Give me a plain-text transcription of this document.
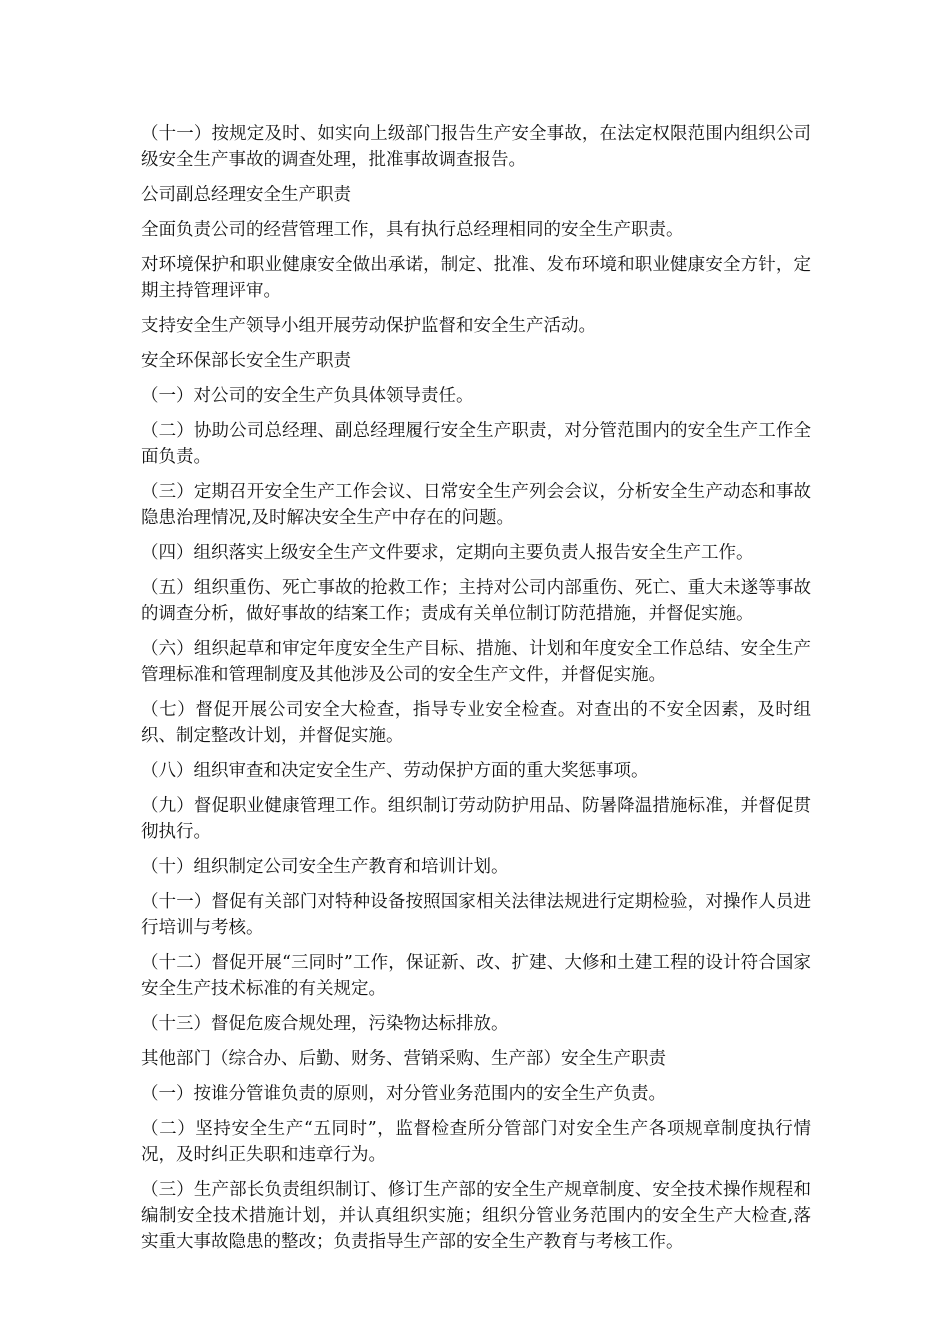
（十一）按规定及时、如实向上级部门报告生产安全事故，在法定权限范围内组织公司级安全生产事故的调查处理，批准事故调查报告。

公司副总经理安全生产职责

全面负责公司的经营管理工作，具有执行总经理相同的安全生产职责。

对环境保护和职业健康安全做出承诺，制定、批准、发布环境和职业健康安全方针，定期主持管理评审。

支持安全生产领导小组开展劳动保护监督和安全生产活动。

安全环保部长安全生产职责

（一）对公司的安全生产负具体领导责任。

（二）协助公司总经理、副总经理履行安全生产职责，对分管范围内的安全生产工作全面负责。

（三）定期召开安全生产工作会议、日常安全生产列会会议，分析安全生产动态和事故隐患治理情况,及时解决安全生产中存在的问题。

（四）组织落实上级安全生产文件要求，定期向主要负责人报告安全生产工作。

（五）组织重伤、死亡事故的抢救工作；主持对公司内部重伤、死亡、重大未遂等事故的调查分析，做好事故的结案工作；责成有关单位制订防范措施，并督促实施。

（六）组织起草和审定年度安全生产目标、措施、计划和年度安全工作总结、安全生产管理标准和管理制度及其他涉及公司的安全生产文件，并督促实施。

（七）督促开展公司安全大检查，指导专业安全检查。对查出的不安全因素，及时组织、制定整改计划，并督促实施。

（八）组织审查和决定安全生产、劳动保护方面的重大奖惩事项。

（九）督促职业健康管理工作。组织制订劳动防护用品、防暑降温措施标准，并督促贯彻执行。

（十）组织制定公司安全生产教育和培训计划。

（十一）督促有关部门对特种设备按照国家相关法律法规进行定期检验，对操作人员进行培训与考核。

（十二）督促开展“三同时”工作，保证新、改、扩建、大修和土建工程的设计符合国家安全生产技术标准的有关规定。

（十三）督促危废合规处理，污染物达标排放。

其他部门（综合办、后勤、财务、营销采购、生产部）安全生产职责

（一）按谁分管谁负责的原则，对分管业务范围内的安全生产负责。

（二）坚持安全生产“五同时”，监督检查所分管部门对安全生产各项规章制度执行情况，及时纠正失职和违章行为。

（三）生产部长负责组织制订、修订生产部的安全生产规章制度、安全技术操作规程和编制安全技术措施计划，并认真组织实施；组织分管业务范围内的安全生产大检查,落实重大事故隐患的整改；负责指导生产部的安全生产教育与考核工作。
